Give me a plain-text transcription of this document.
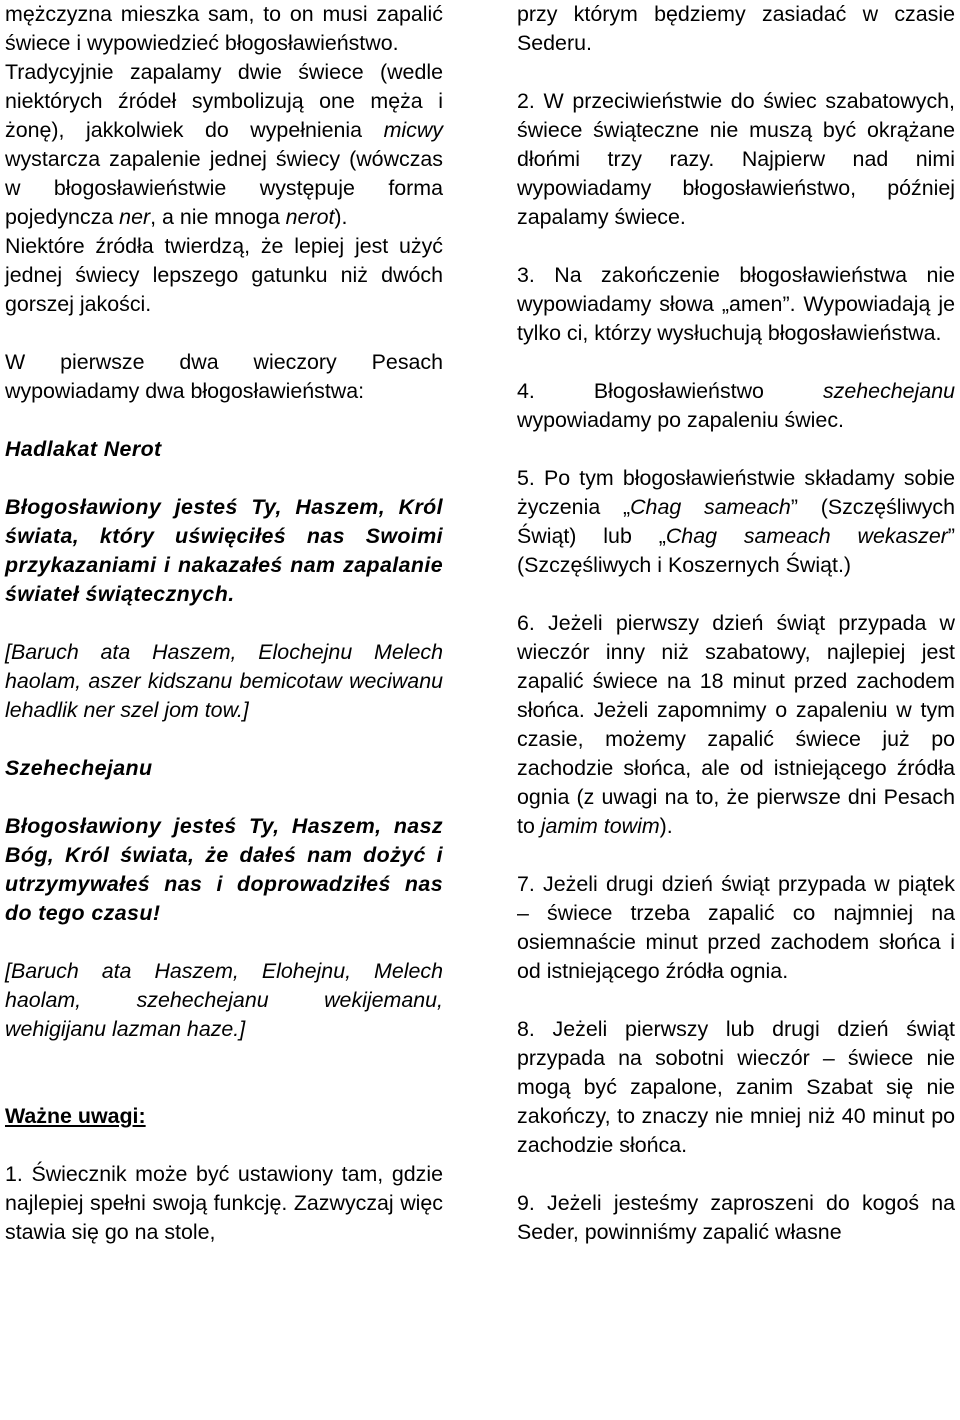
mężczyzna mieszka sam, to on musi zapalić świece i wypowiedzieć błogosławieństwo.
Tradycyjnie zapalamy dwie świece (wedle niektórych źródeł symbolizują one męża i żonę), jakkolwiek do wypełnienia micwy wystarcza zapalenie jednej świecy (wówczas w błogosławieństwie występuje forma pojedyncza ner, a nie mnoga nerot).
Niektóre źródła twierdzą, że lepiej jest użyć jednej świecy lepszego gatunku niż dwóch gorszej jakości.

W pierwsze dwa wieczory Pesach wypowiadamy dwa błogosławieństwa:

Hadlakat Nerot

Błogosławiony jesteś Ty, Haszem, Król świata, który uświęciłeś nas Swoimi przykazaniami i nakazałeś nam zapalanie świateł świątecznych.

[Baruch ata Haszem, Elochejnu Melech haolam, aszer kidszanu bemicotaw weciwanu lehadlik ner szel jom tow.]

Szehechejanu

Błogosławiony jesteś Ty, Haszem, nasz Bóg, Król świata, że dałeś nam dożyć i utrzymywałeś nas i doprowadziłeś nas do tego czasu!

[Baruch ata Haszem, Elohejnu, Melech haolam, szehechejanu wekijemanu, wehigijanu lazman haze.]

Ważne uwagi:

1. Świecznik może być ustawiony tam, gdzie najlepiej spełni swoją funkcję. Zazwyczaj więc stawia się go na stole,

przy którym będziemy zasiadać w czasie Sederu.

2. W przeciwieństwie do świec szabatowych, świece świąteczne nie muszą być okrążane dłońmi trzy razy. Najpierw nad nimi wypowiadamy błogosławieństwo, później zapalamy świece.

3. Na zakończenie błogosławieństwa nie wypowiadamy słowa „amen”. Wypowiadają je tylko ci, którzy wysłuchują błogosławieństwa.

4. Błogosławieństwo szehechejanu wypowiadamy po zapaleniu świec.

5. Po tym błogosławieństwie składamy sobie życzenia „Chag sameach” (Szczęśliwych Świąt) lub „Chag sameach wekaszer” (Szczęśliwych i Koszernych Świąt.)

6. Jeżeli pierwszy dzień świąt przypada w wieczór inny niż szabatowy, najlepiej jest zapalić świece na 18 minut przed zachodem słońca. Jeżeli zapomnimy o zapaleniu w tym czasie, możemy zapalić świece już po zachodzie słońca, ale od istniejącego źródła ognia (z uwagi na to, że pierwsze dni Pesach to jamim towim).

7. Jeżeli drugi dzień świąt przypada w piątek – świece trzeba zapalić co najmniej na osiemnaście minut przed zachodem słońca i od istniejącego źródła ognia.

8. Jeżeli pierwszy lub drugi dzień świąt przypada na sobotni wieczór – świece nie mogą być zapalone, zanim Szabat się nie zakończy, to znaczy nie mniej niż 40 minut po zachodzie słońca.

9. Jeżeli jesteśmy zaproszeni do kogoś na Seder, powinniśmy zapalić własne
